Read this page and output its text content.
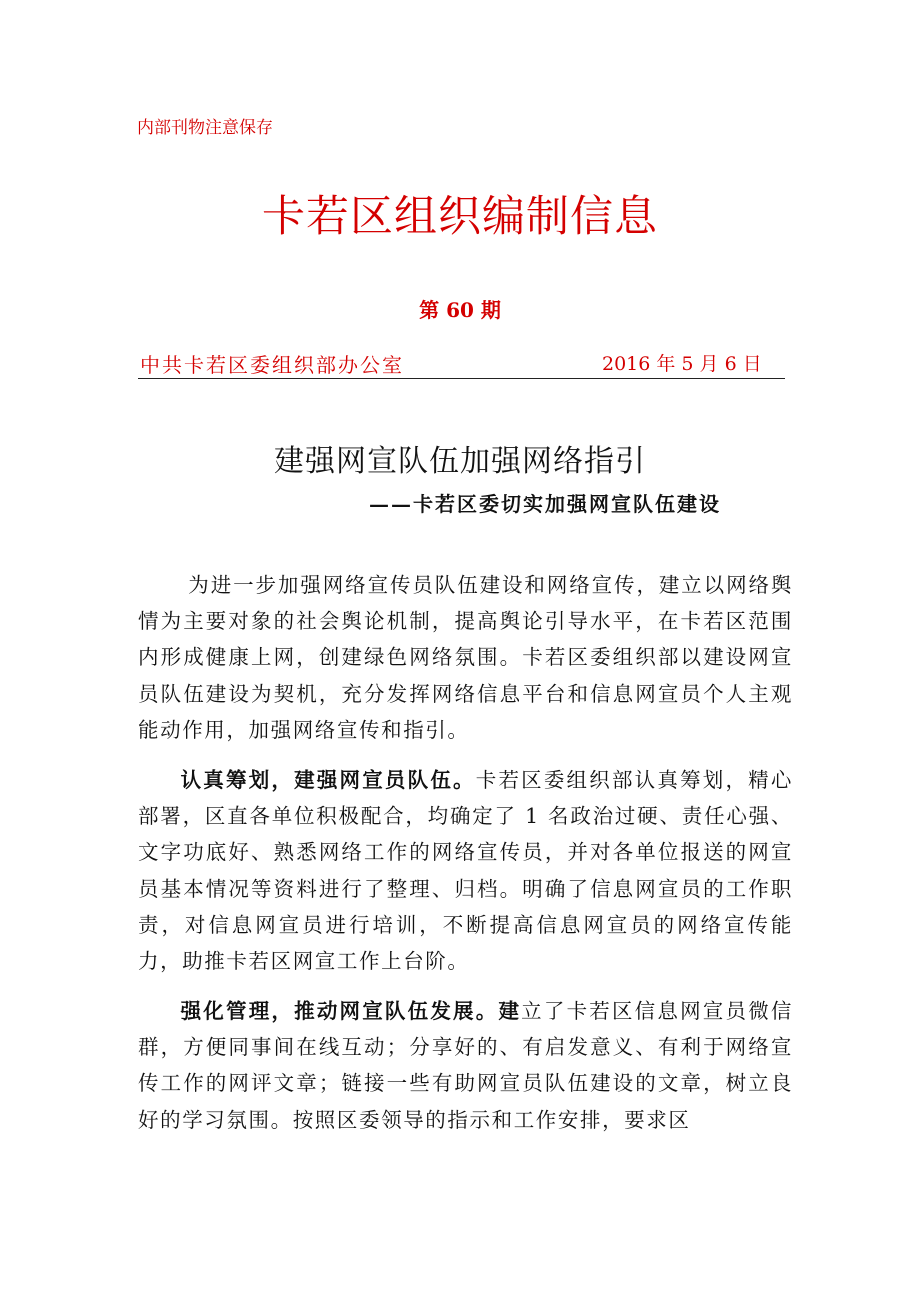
内部刊物注意保存
卡若区组织编制信息
第 60 期
中共卡若区委组织部办公室	2016 年 5 月 6 日
建强网宣队伍加强网络指引
——卡若区委切实加强网宣队伍建设
为进一步加强网络宣传员队伍建设和网络宣传，建立以网络舆情为主要对象的社会舆论机制，提高舆论引导水平，在卡若区范围内形成健康上网，创建绿色网络氛围。卡若区委组织部以建设网宣员队伍建设为契机，充分发挥网络信息平台和信息网宣员个人主观能动作用，加强网络宣传和指引。
认真筹划，建强网宣员队伍。卡若区委组织部认真筹划，精心部署，区直各单位积极配合，均确定了 1 名政治过硬、责任心强、文字功底好、熟悉网络工作的网络宣传员，并对各单位报送的网宣员基本情况等资料进行了整理、归档。明确了信息网宣员的工作职责，对信息网宣员进行培训，不断提高信息网宣员的网络宣传能力，助推卡若区网宣工作上台阶。
强化管理，推动网宣队伍发展。建立了卡若区信息网宣员微信群，方便同事间在线互动；分享好的、有启发意义、有利于网络宣传工作的网评文章；链接一些有助网宣员队伍建设的文章，树立良好的学习氛围。按照区委领导的指示和工作安排，要求区
